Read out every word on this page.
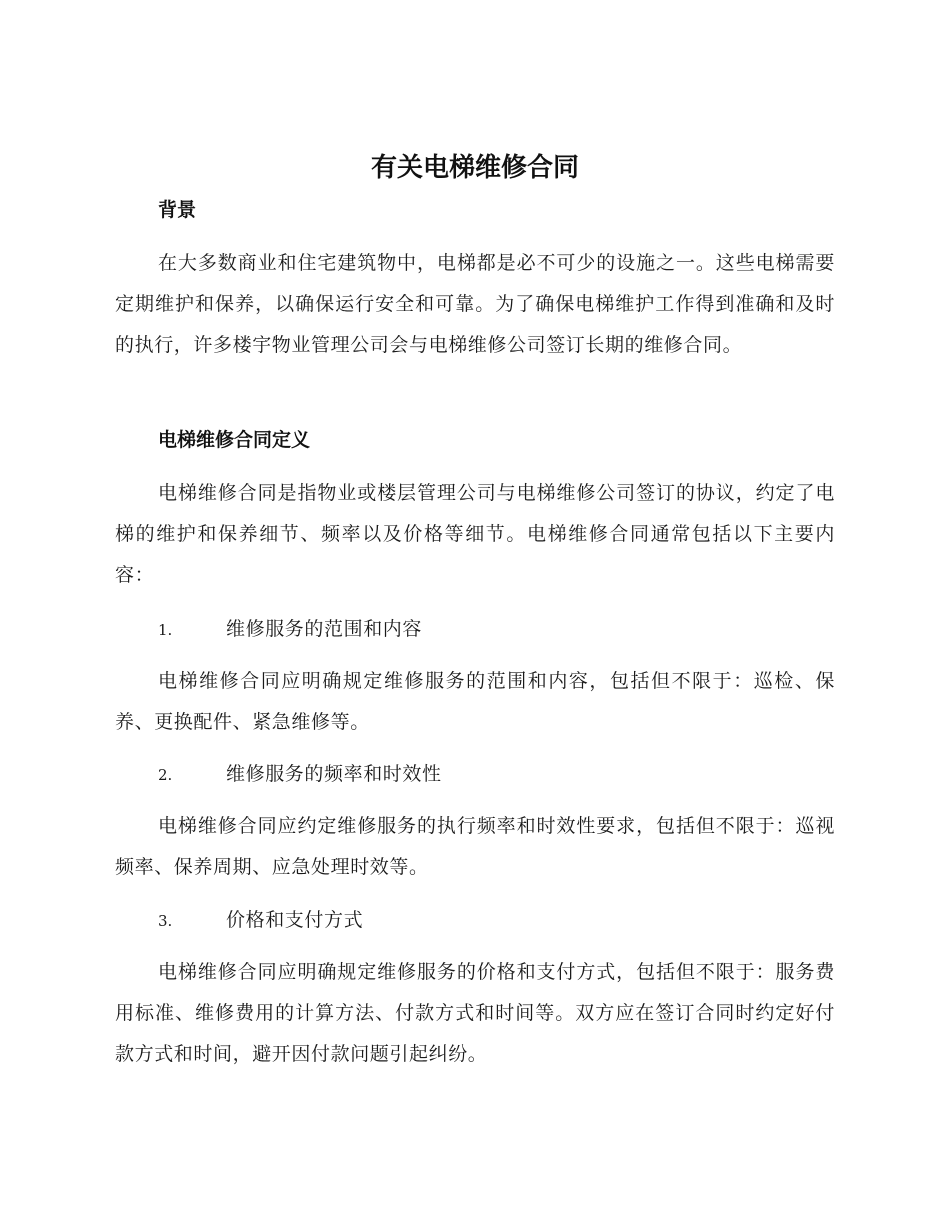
有关电梯维修合同
背景
在大多数商业和住宅建筑物中，电梯都是必不可少的设施之一。这些电梯需要定期维护和保养，以确保运行安全和可靠。为了确保电梯维护工作得到准确和及时的执行，许多楼宇物业管理公司会与电梯维修公司签订长期的维修合同。
电梯维修合同定义
电梯维修合同是指物业或楼层管理公司与电梯维修公司签订的协议，约定了电梯的维护和保养细节、频率以及价格等细节。电梯维修合同通常包括以下主要内容：
1.	维修服务的范围和内容
电梯维修合同应明确规定维修服务的范围和内容，包括但不限于：巡检、保养、更换配件、紧急维修等。
2.	维修服务的频率和时效性
电梯维修合同应约定维修服务的执行频率和时效性要求，包括但不限于：巡视频率、保养周期、应急处理时效等。
3.	价格和支付方式
电梯维修合同应明确规定维修服务的价格和支付方式，包括但不限于：服务费用标准、维修费用的计算方法、付款方式和时间等。双方应在签订合同时约定好付款方式和时间，避开因付款问题引起纠纷。
